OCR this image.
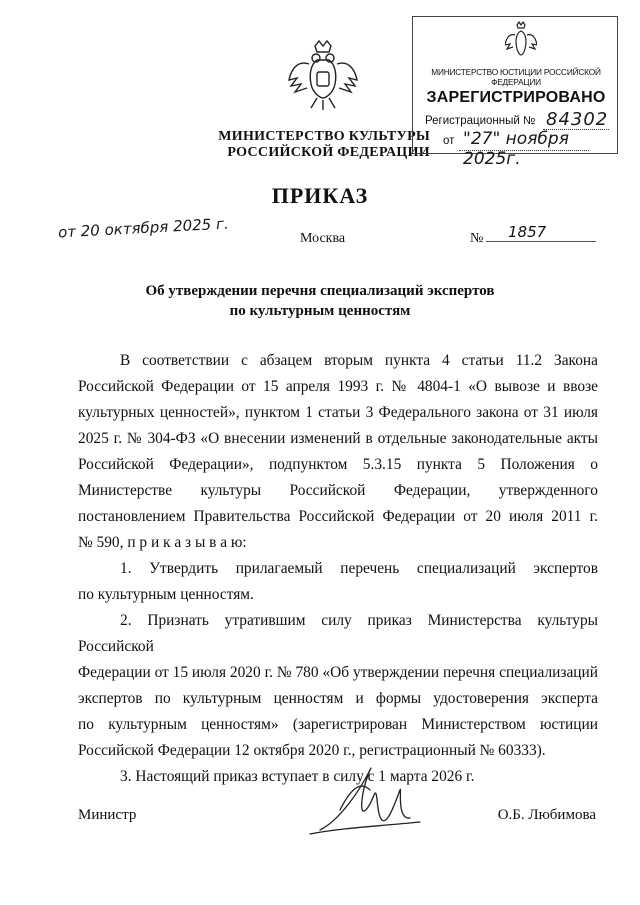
МИНИСТЕРСТВО КУЛЬТУРЫ
РОССИЙСКОЙ ФЕДЕРАЦИИ
МИНИСТЕРСТВО ЮСТИЦИИ РОССИЙСКОЙ ФЕДЕРАЦИИ
ЗАРЕГИСТРИРОВАНО
Регистрационный № 84302
от "27" ноября 2025г.
ПРИКАЗ
от 20 октября 2025 г.	Москва	№ 1857
Об утверждении перечня специализаций экспертов
по культурным ценностям

В соответствии с абзацем вторым пункта 4 статьи 11.2 Закона

Российской Федерации от 15 апреля 1993 г. № 4804-1 «О вывозе и ввозе

культурных ценностей», пунктом 1 статьи 3 Федерального закона от 31 июля

2025 г. № 304-ФЗ «О внесении изменений в отдельные законодательные акты

Российской Федерации», подпунктом 5.3.15 пункта 5 Положения о

Министерстве культуры Российской Федерации, утвержденного

постановлением Правительства Российской Федерации от 20 июля 2011 г.

№ 590, п р и к а з ы в а ю:

1. Утвердить прилагаемый перечень специализаций экспертов

по культурным ценностям.

2. Признать утратившим силу приказ Министерства культуры Российской

Федерации от 15 июля 2020 г. № 780 «Об утверждении перечня специализаций

экспертов по культурным ценностям и формы удостоверения эксперта

по культурным ценностям» (зарегистрирован Министерством юстиции

Российской Федерации 12 октября 2020 г., регистрационный № 60333).

3. Настоящий приказ вступает в силу с 1 марта 2026 г.

Министр	О.Б. Любимова
